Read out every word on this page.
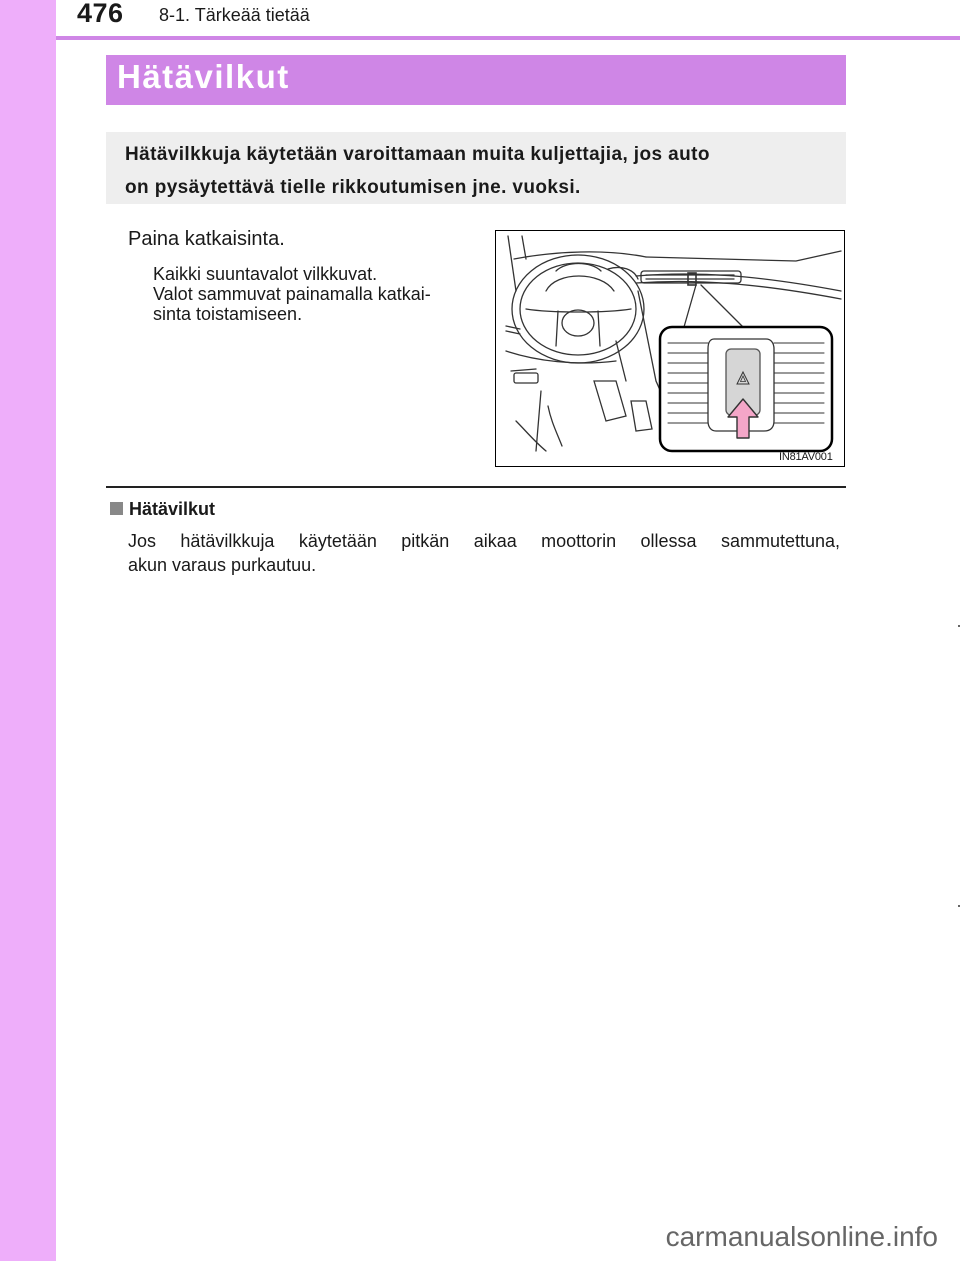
476 8-1. Tärkeää tietää
Hätävilkut
Hätävilkkuja käytetään varoittamaan muita kuljettajia, jos auto
on pysäytettävä tielle rikkoutumisen jne. vuoksi.
Paina katkaisinta.
Kaikki suuntavalot vilkkuvat.
Valot sammuvat painamalla katkai-
sinta toistamiseen.
IN81AV001
Hätävilkut
Jos hätävilkkuja käytetään pitkän aikaa moottorin ollessa sammutettuna,
akun varaus purkautuu.
carmanualsonline.info
